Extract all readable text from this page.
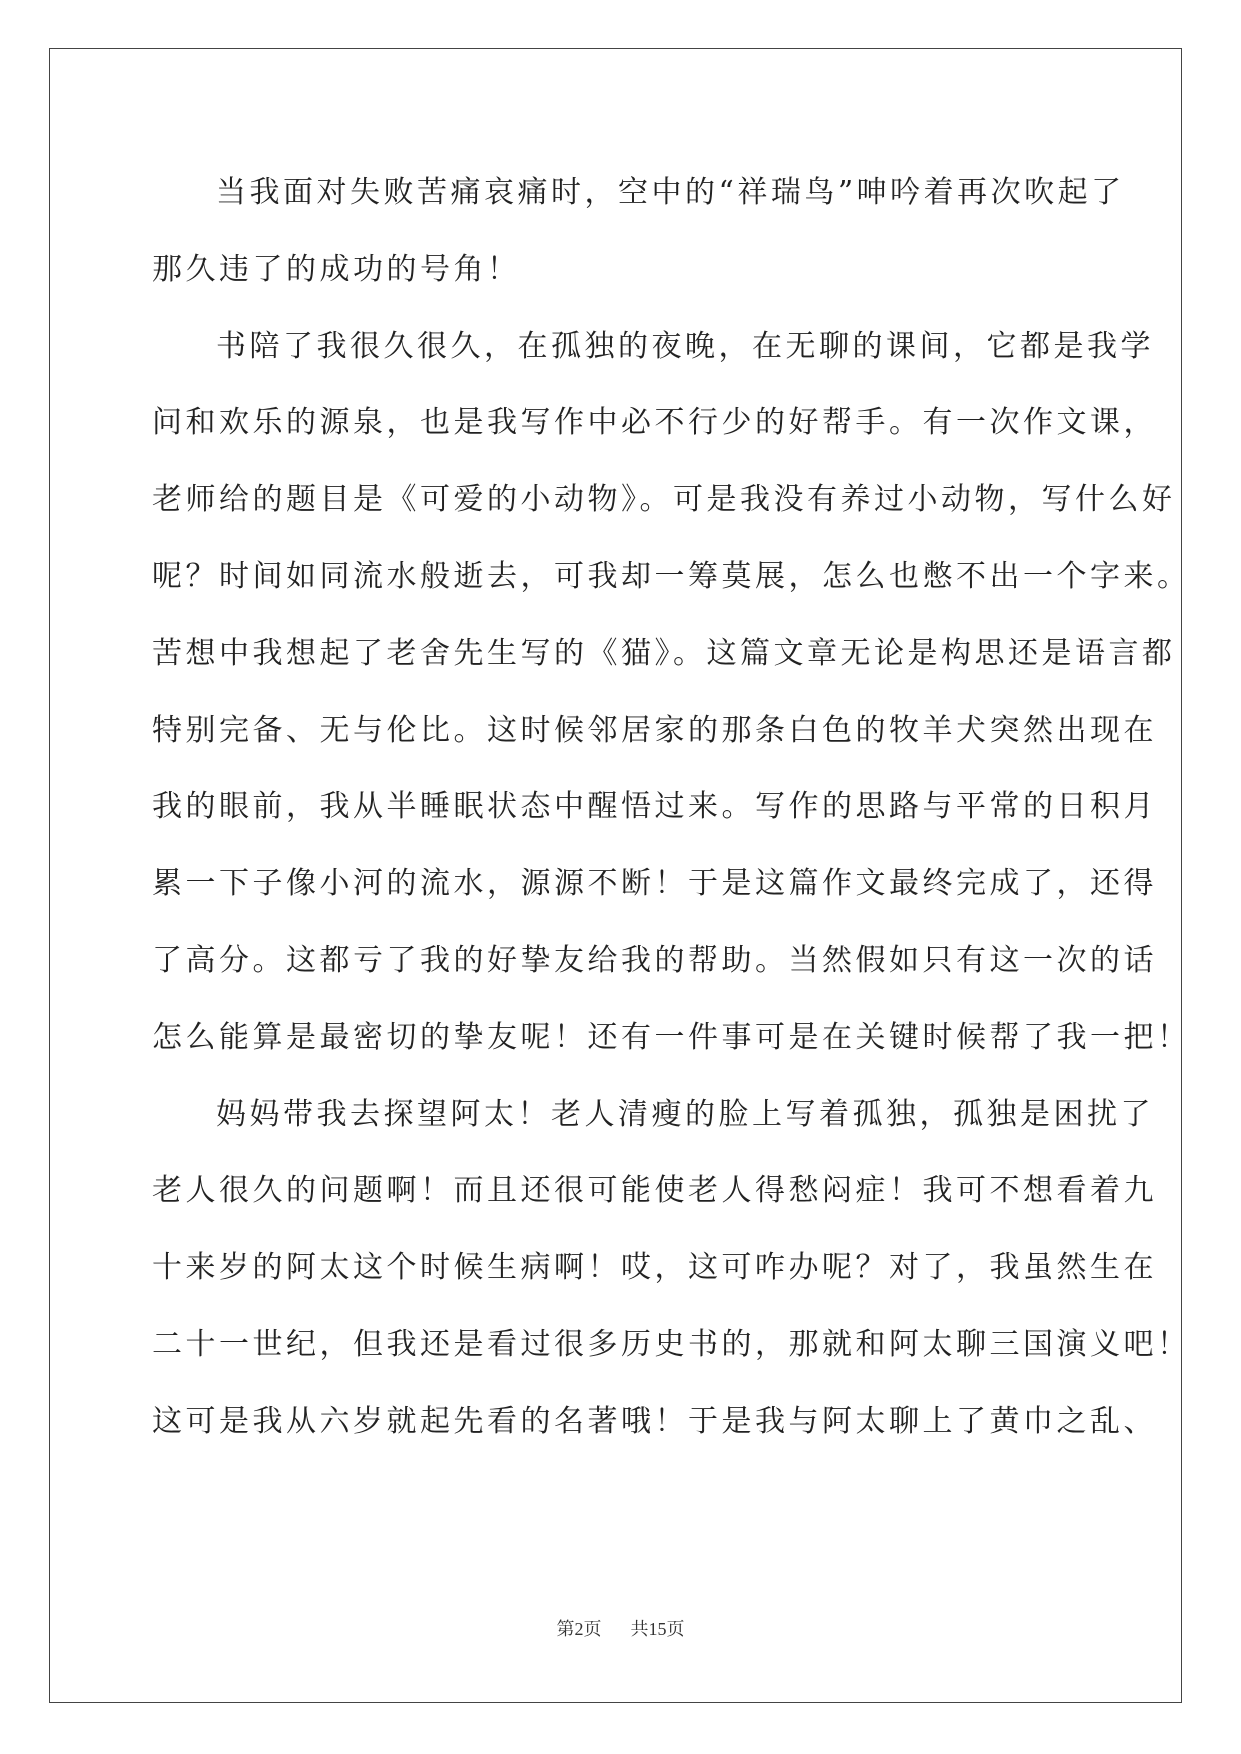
当我面对失败苦痛哀痛时，空中的“祥瑞鸟”呻吟着再次吹起了
那久违了的成功的号角！
书陪了我很久很久，在孤独的夜晚，在无聊的课间，它都是我学
问和欢乐的源泉，也是我写作中必不行少的好帮手。有一次作文课，
老师给的题目是《可爱的小动物》。可是我没有养过小动物，写什么好
呢？时间如同流水般逝去，可我却一筹莫展，怎么也憋不出一个字来。
苦想中我想起了老舍先生写的《猫》。这篇文章无论是构思还是语言都
特别完备、无与伦比。这时候邻居家的那条白色的牧羊犬突然出现在
我的眼前，我从半睡眠状态中醒悟过来。写作的思路与平常的日积月
累一下子像小河的流水，源源不断！于是这篇作文最终完成了，还得
了高分。这都亏了我的好挚友给我的帮助。当然假如只有这一次的话
怎么能算是最密切的挚友呢！还有一件事可是在关键时候帮了我一把！
妈妈带我去探望阿太！老人清瘦的脸上写着孤独，孤独是困扰了
老人很久的问题啊！而且还很可能使老人得愁闷症！我可不想看着九
十来岁的阿太这个时候生病啊！哎，这可咋办呢？对了，我虽然生在
二十一世纪，但我还是看过很多历史书的，那就和阿太聊三国演义吧！
这可是我从六岁就起先看的名著哦！于是我与阿太聊上了黄巾之乱、
第2页 共15页
